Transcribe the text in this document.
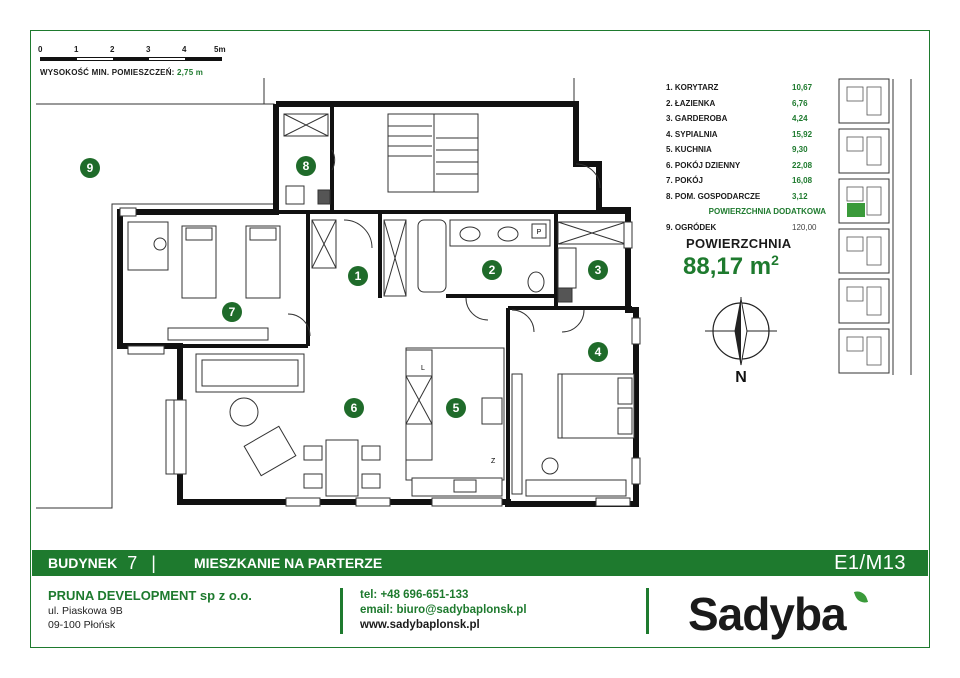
0	1	2	3	4	5m
WYSOKOŚĆ MIN. POMIESZCZEŃ: 2,75 m
P
L
Z
1	2	3
4
5
6
7
8
9
1. KORYTARZ	10,67
2. ŁAZIENKA	6,76
3. GARDEROBA	4,24
4. SYPIALNIA	15,92
5. KUCHNIA	9,30
6. POKÓJ DZIENNY	22,08
7. POKÓJ	16,08
8. POM. GOSPODARCZE	3,12
POWIERZCHNIA DODATKOWA
9. OGRÓDEK	120,00
POWIERZCHNIA
88,17 $m^2$
N
BUDYNEK 7 |	MIESZKANIE NA PARTERZE	E1/M13
PRUNA DEVELOPMENT sp z o.o.
ul. Piaskowa 9B
09-100 Płońsk
tel: +48 696-651-133
email: biuro@sadybaplonsk.pl
www.sadybaplonsk.pl	Sadyba
